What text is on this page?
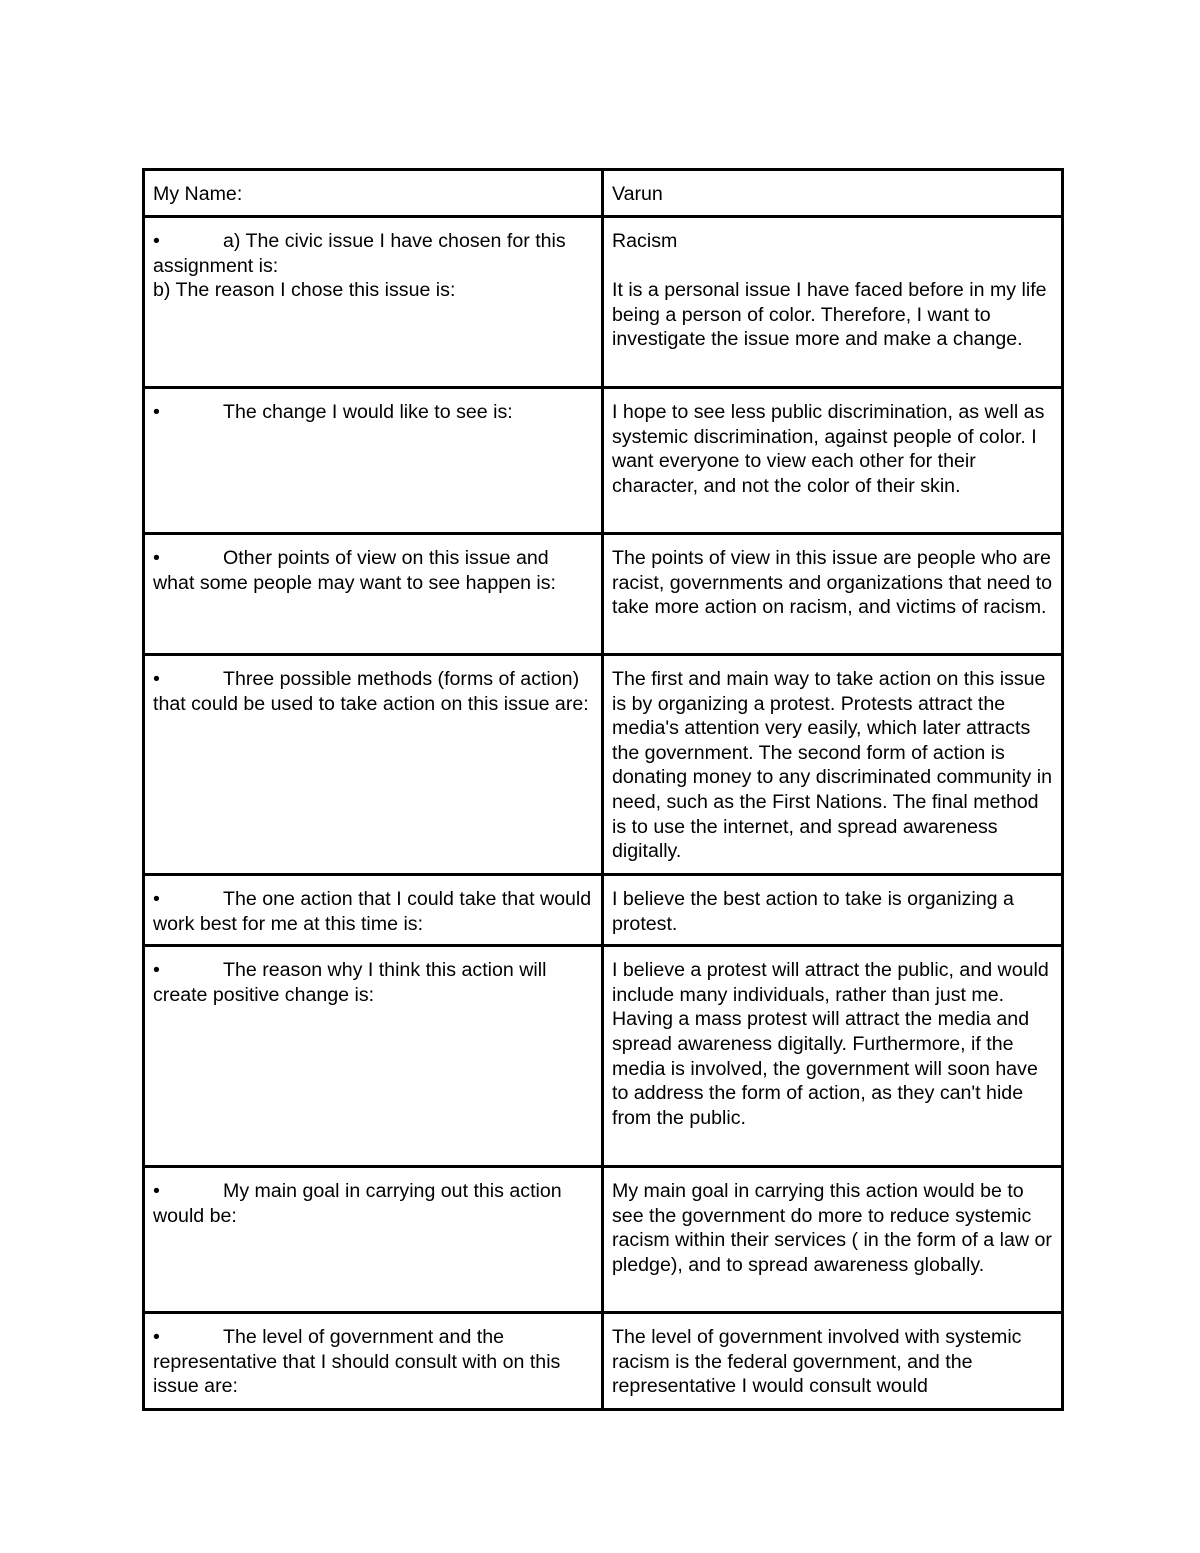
My Name:	Varun

• a) The civic issue I have chosen for this assignment is:
b) The reason I chose this issue is:	Racism
It is a personal issue I have faced before in my life being a person of color. Therefore, I want to investigate the issue more and make a change.

• The change I would like to see is:	I hope to see less public discrimination, as well as systemic discrimination, against people of color. I want everyone to view each other for their character, and not the color of their skin.
• Other points of view on this issue and what some people may want to see happen is:	The points of view in this issue are people who are racist, governments and organizations that need to take more action on racism, and victims of racism.
• Three possible methods (forms of action) that could be used to take action on this issue are:	The first and main way to take action on this issue is by organizing a protest. Protests attract the media's attention very easily, which later attracts the government. The second form of action is donating money to any discriminated community in need, such as the First Nations. The final method is to use the internet, and spread awareness digitally.
• The one action that I could take that would work best for me at this time is:	I believe the best action to take is organizing a protest.
• The reason why I think this action will create positive change is:	I believe a protest will attract the public, and would include many individuals, rather than just me. Having a mass protest will attract the media and spread awareness digitally. Furthermore, if the media is involved, the government will soon have to address the form of action, as they can't hide from the public.
• My main goal in carrying out this action would be:	My main goal in carrying this action would be to see the government do more to reduce systemic racism within their services ( in the form of a law or pledge), and to spread awareness globally.
• The level of government and the representative that I should consult with on this issue are:	The level of government involved with systemic racism is the federal government, and the representative I would consult would
